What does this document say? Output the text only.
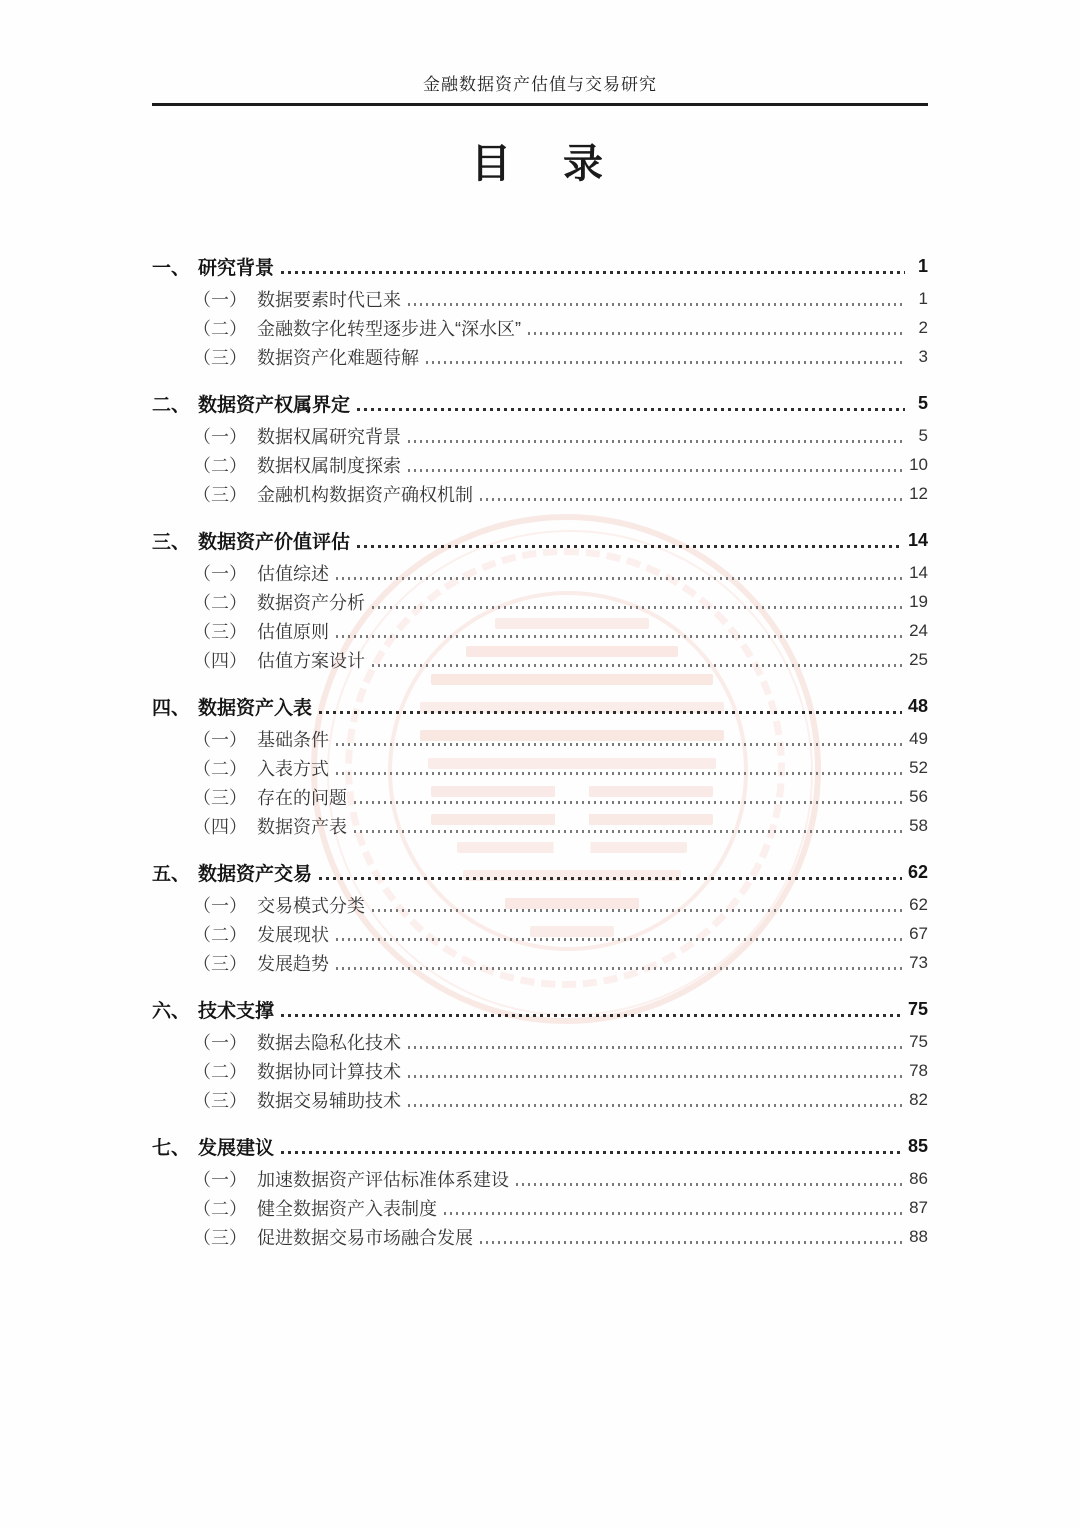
金融数据资产估值与交易研究
目　录
一、 研究背景	1
（一） 数据要素时代已来	1
（二） 金融数字化转型逐步进入“深水区”	2
（三） 数据资产化难题待解	3
二、 数据资产权属界定	5
（一） 数据权属研究背景	5
（二） 数据权属制度探索	10
（三） 金融机构数据资产确权机制	12
三、 数据资产价值评估	14
（一） 估值综述	14
（二） 数据资产分析	19
（三） 估值原则	24
（四） 估值方案设计	25
四、 数据资产入表	48
（一） 基础条件	49
（二） 入表方式	52
（三） 存在的问题	56
（四） 数据资产表	58
五、 数据资产交易	62
（一） 交易模式分类	62
（二） 发展现状	67
（三） 发展趋势	73
六、 技术支撑	75
（一） 数据去隐私化技术	75
（二） 数据协同计算技术	78
（三） 数据交易辅助技术	82
七、 发展建议	85
（一） 加速数据资产评估标准体系建设	86
（二） 健全数据资产入表制度	87
（三） 促进数据交易市场融合发展	88
